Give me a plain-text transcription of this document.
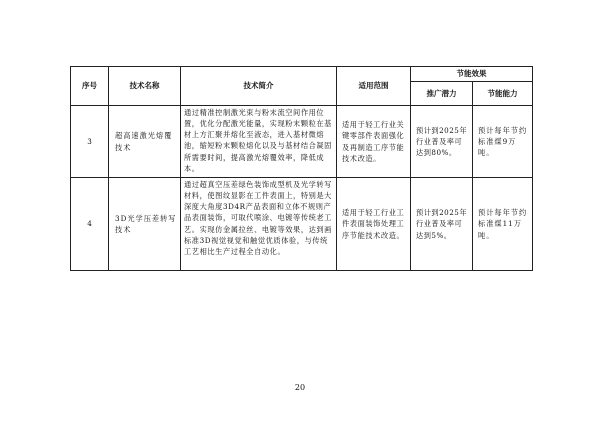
序号	技术名称	技术简介	适用范围	节能效果	
				推广潜力	节能能力
3	超高速激光熔覆技术	通过精准控制激光束与粉末流空间作用位置，优化分配激光能量，实现粉末颗粒在基材上方汇聚并熔化至液态，进入基材微熔池，缩短粉末颗粒熔化以及与基材结合凝固所需要时间，提高激光熔覆效率，降低成本。	适用于轻工行业关键零部件表面强化及再制造工序节能技术改造。	预计到2025年行业普及率可达到80%。	预计每年节约标准煤9万吨。
4	3D光学压差转写技术	通过超真空压差绿色装饰成型机及光学转写材料，使图纹显影在工件表面上，特别是大深度大角度3D4R产品表面和立体不规则产品表面装饰，可取代喷涂、电镀等传统老工艺。实现仿金属拉丝、电镀等效果，达到画标准3D视觉视觉和触觉优质体验，与传统工艺相比生产过程全自动化。	适用于轻工行业工件表面装饰处理工序节能技术改造。	预计到2025年行业普及率可达到5%。	预计每年节约标准煤11万吨。
20
